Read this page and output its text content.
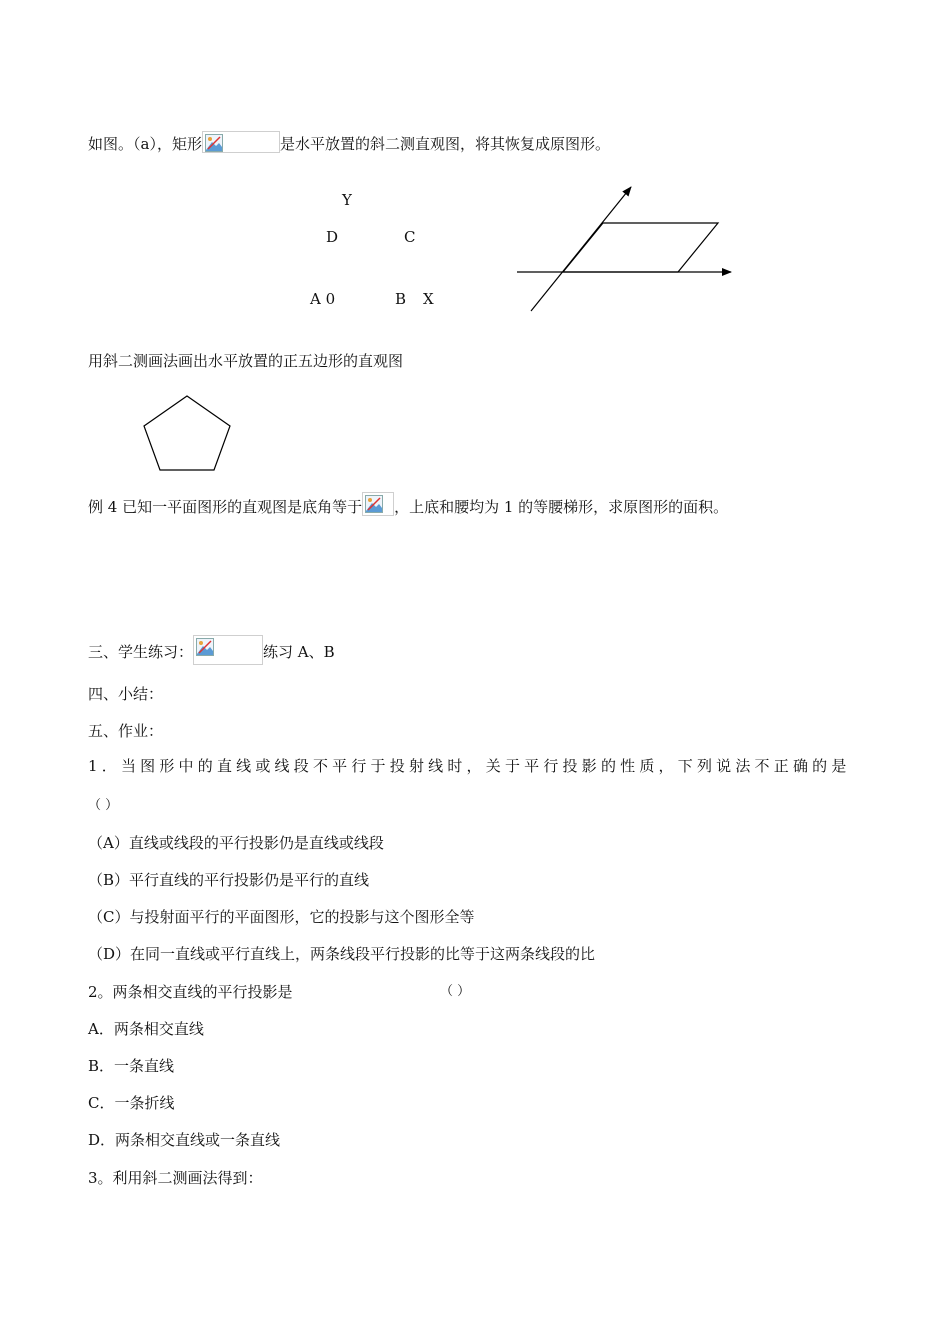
如图。（a），矩形	是水平放置的斜二测直观图，将其恢复成原图形。
Y
D	C
A 0	B X
用斜二测画法画出水平放置的正五边形的直观图
例 4 已知一平面图形的直观图是底角等于 ，上底和腰均为 1 的等腰梯形，求原图形的面积。
三、学生练习：	练习 A、B
四、小结：
五、作业：
1．当图形中的直线或线段不平行于投射线时，关于平行投影的性质，下列说法不正确的是
（ ）
（A）直线或线段的平行投影仍是直线或线段
（B）平行直线的平行投影仍是平行的直线
（C）与投射面平行的平面图形，它的投影与这个图形全等
（D）在同一直线或平行直线上，两条线段平行投影的比等于这两条线段的比
2。两条相交直线的平行投影是	（ ）
A．两条相交直线
B．一条直线
C．一条折线
D．两条相交直线或一条直线
3。利用斜二测画法得到：
